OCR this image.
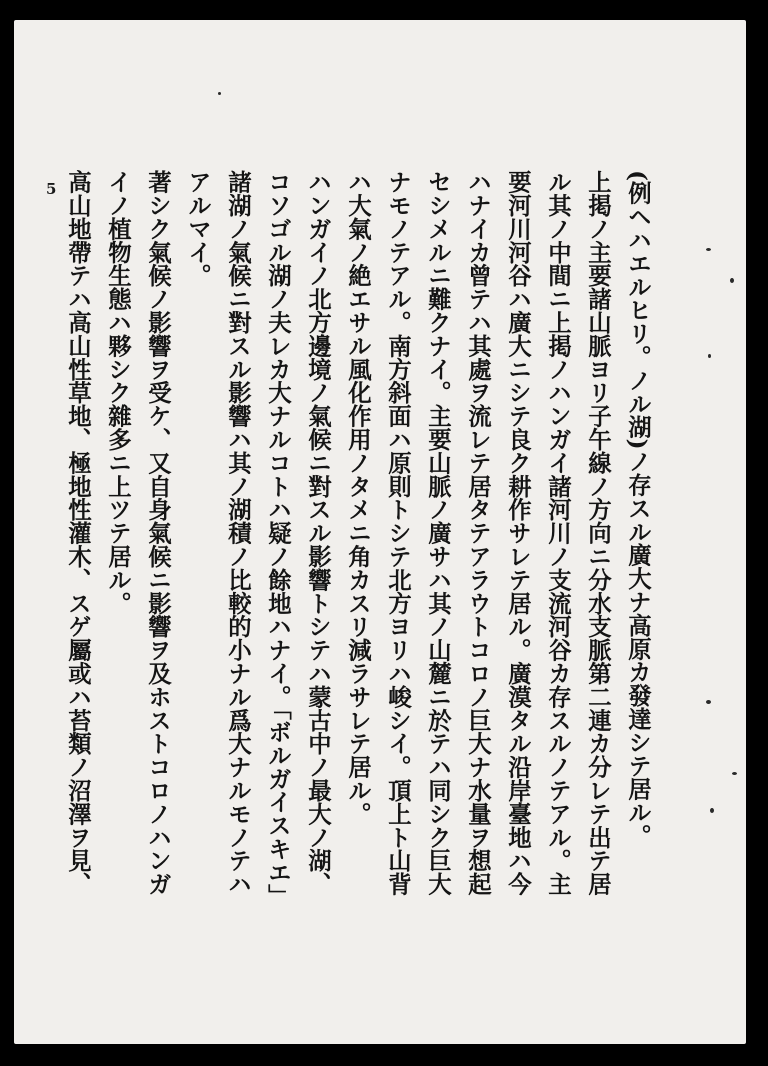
5	(例ヘハエルヒリ。ノル湖)ノ存スル廣大ナ高原カ發達シテ居ル。
上掲ノ主要諸山脈ヨリ子午線ノ方向ニ分水支脈第二連カ分レテ出テ居
ル其ノ中間ニ上掲ノハンガイ諸河川ノ支流河谷カ存スルノテアル。主
要河川河谷ハ廣大ニシテ良ク耕作サレテ居ル。廣漠タル沿岸臺地ハ今
ハナイカ曾テハ其處ヲ流レテ居タテアラウトコロノ巨大ナ水量ヲ想起
セシメルニ難クナイ。主要山脈ノ廣サハ其ノ山麓ニ於テハ同シク巨大
ナモノテアル。南方斜面ハ原則トシテ北方ヨリハ峻シイ。頂上ト山背
ハ大氣ノ絶エサル風化作用ノタメニ角カスリ減ラサレテ居ル。
ハンガイノ北方邊境ノ氣候ニ對スル影響トシテハ蒙古中ノ最大ノ湖、
コソゴル湖ノ夫レカ大ナルコトハ疑ノ餘地ハナイ。「ボルガイスキエ」
諸湖ノ氣候ニ對スル影響ハ其ノ湖積ノ比較的小ナル爲大ナルモノテハ
アルマイ。
著シク氣候ノ影響ヲ受ケ、又自身氣候ニ影響ヲ及ホストコロノハンガ
イノ植物生態ハ夥シク雜多ニ上ツテ居ル。
高山地帶テハ高山性草地、極地性灌木、スゲ屬或ハ苔類ノ沼澤ヲ見、
